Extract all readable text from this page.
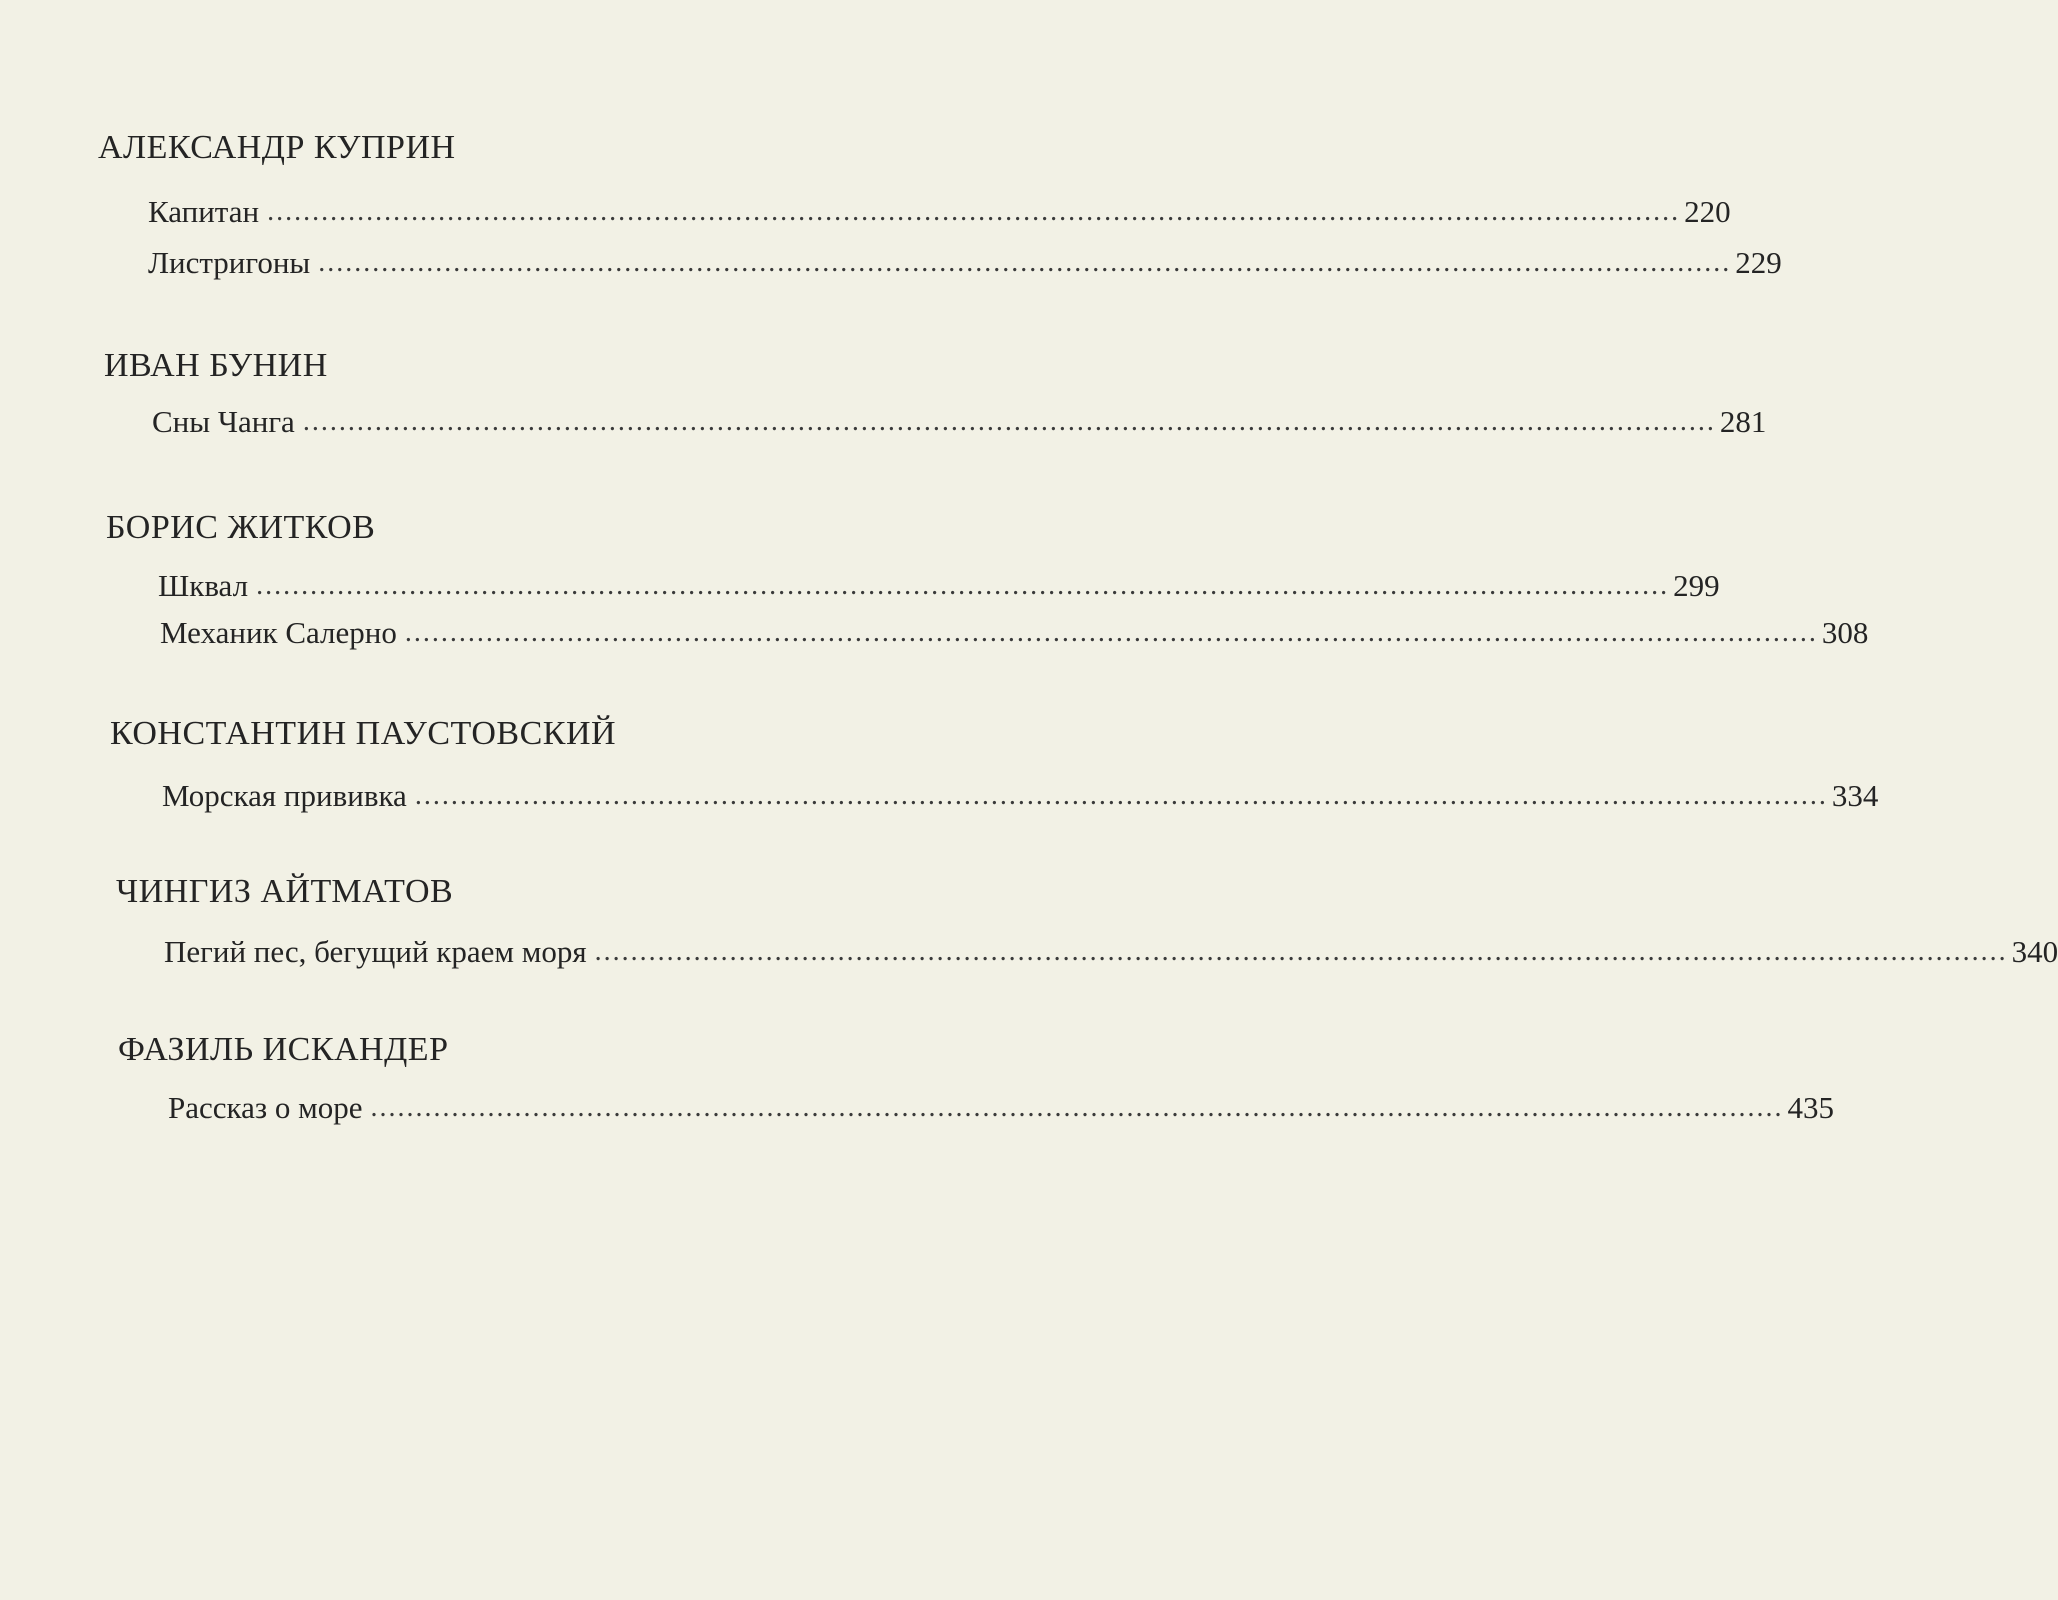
АЛЕКСАНДР КУПРИН
Капитан ............................................................................................................................................................. 220
Листригоны ............................................................................................................................................................. 229
ИВАН БУНИН
Сны Чанга ............................................................................................................................................................. 281
БОРИС ЖИТКОВ
Шквал ............................................................................................................................................................. 299
Механик Салерно ............................................................................................................................................................. 308
КОНСТАНТИН ПАУСТОВСКИЙ
Морская прививка ............................................................................................................................................................. 334
ЧИНГИЗ АЙТМАТОВ
Пегий пес, бегущий краем моря ............................................................................................................................................................. 340
ФАЗИЛЬ ИСКАНДЕР
Рассказ о море ............................................................................................................................................................. 435
